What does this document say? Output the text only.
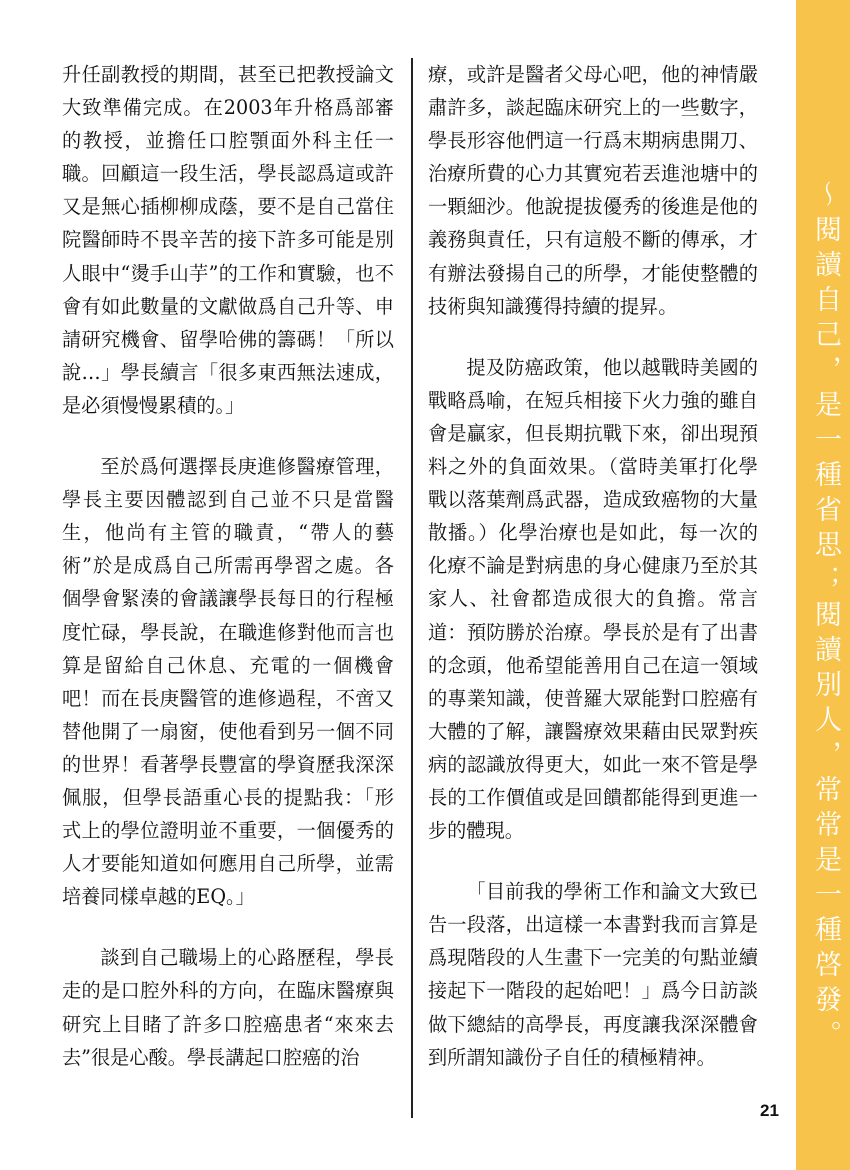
升任副教授的期間，甚至已把教授論文大致準備完成。在2003年升格爲部審的教授，並擔任口腔顎面外科主任一職。回顧這一段生活，學長認爲這或許又是無心插柳柳成蔭，要不是自己當住院醫師時不畏辛苦的接下許多可能是別人眼中“燙手山芋”的工作和實驗，也不會有如此數量的文獻做爲自己升等、申請研究機會、留學哈佛的籌碼！「所以說…」學長續言「很多東西無法速成，是必須慢慢累積的。」

至於爲何選擇長庚進修醫療管理，學長主要因體認到自己並不只是當醫生，他尚有主管的職責，“帶人的藝術”於是成爲自己所需再學習之處。各個學會緊湊的會議讓學長每日的行程極度忙碌，學長說，在職進修對他而言也算是留給自己休息、充電的一個機會吧！而在長庚醫管的進修過程，不啻又替他開了一扇窗，使他看到另一個不同的世界！看著學長豐富的學資歷我深深佩服，但學長語重心長的提點我：「形式上的學位證明並不重要，一個優秀的人才要能知道如何應用自己所學，並需培養同樣卓越的EQ。」

談到自己職場上的心路歷程，學長走的是口腔外科的方向，在臨床醫療與研究上目睹了許多口腔癌患者“來來去去”很是心酸。學長講起口腔癌的治

療，或許是醫者父母心吧，他的神情嚴肅許多，談起臨床研究上的一些數字，學長形容他們這一行爲末期病患開刀、治療所費的心力其實宛若丟進池塘中的一顆細沙。他說提拔優秀的後進是他的義務與責任，只有這般不斷的傳承，才有辦法發揚自己的所學，才能使整體的技術與知識獲得持續的提昇。

提及防癌政策，他以越戰時美國的戰略爲喻，在短兵相接下火力強的雖自會是贏家，但長期抗戰下來，卻出現預料之外的負面效果。（當時美軍打化學戰以落葉劑爲武器，造成致癌物的大量散播。）化學治療也是如此，每一次的化療不論是對病患的身心健康乃至於其家人、社會都造成很大的負擔。常言道：預防勝於治療。學長於是有了出書的念頭，他希望能善用自己在這一領域的專業知識，使普羅大眾能對口腔癌有大體的了解，讓醫療效果藉由民眾對疾病的認識放得更大，如此一來不管是學長的工作價值或是回饋都能得到更進一步的體現。

「目前我的學術工作和論文大致已告一段落，出這樣一本書對我而言算是爲現階段的人生畫下一完美的句點並續接起下一階段的起始吧！」爲今日訪談做下總結的高學長，再度讓我深深體會到所謂知識份子自任的積極精神。

～閱讀自己，是一種省思；閱讀別人，常常是一種啓發。
21
